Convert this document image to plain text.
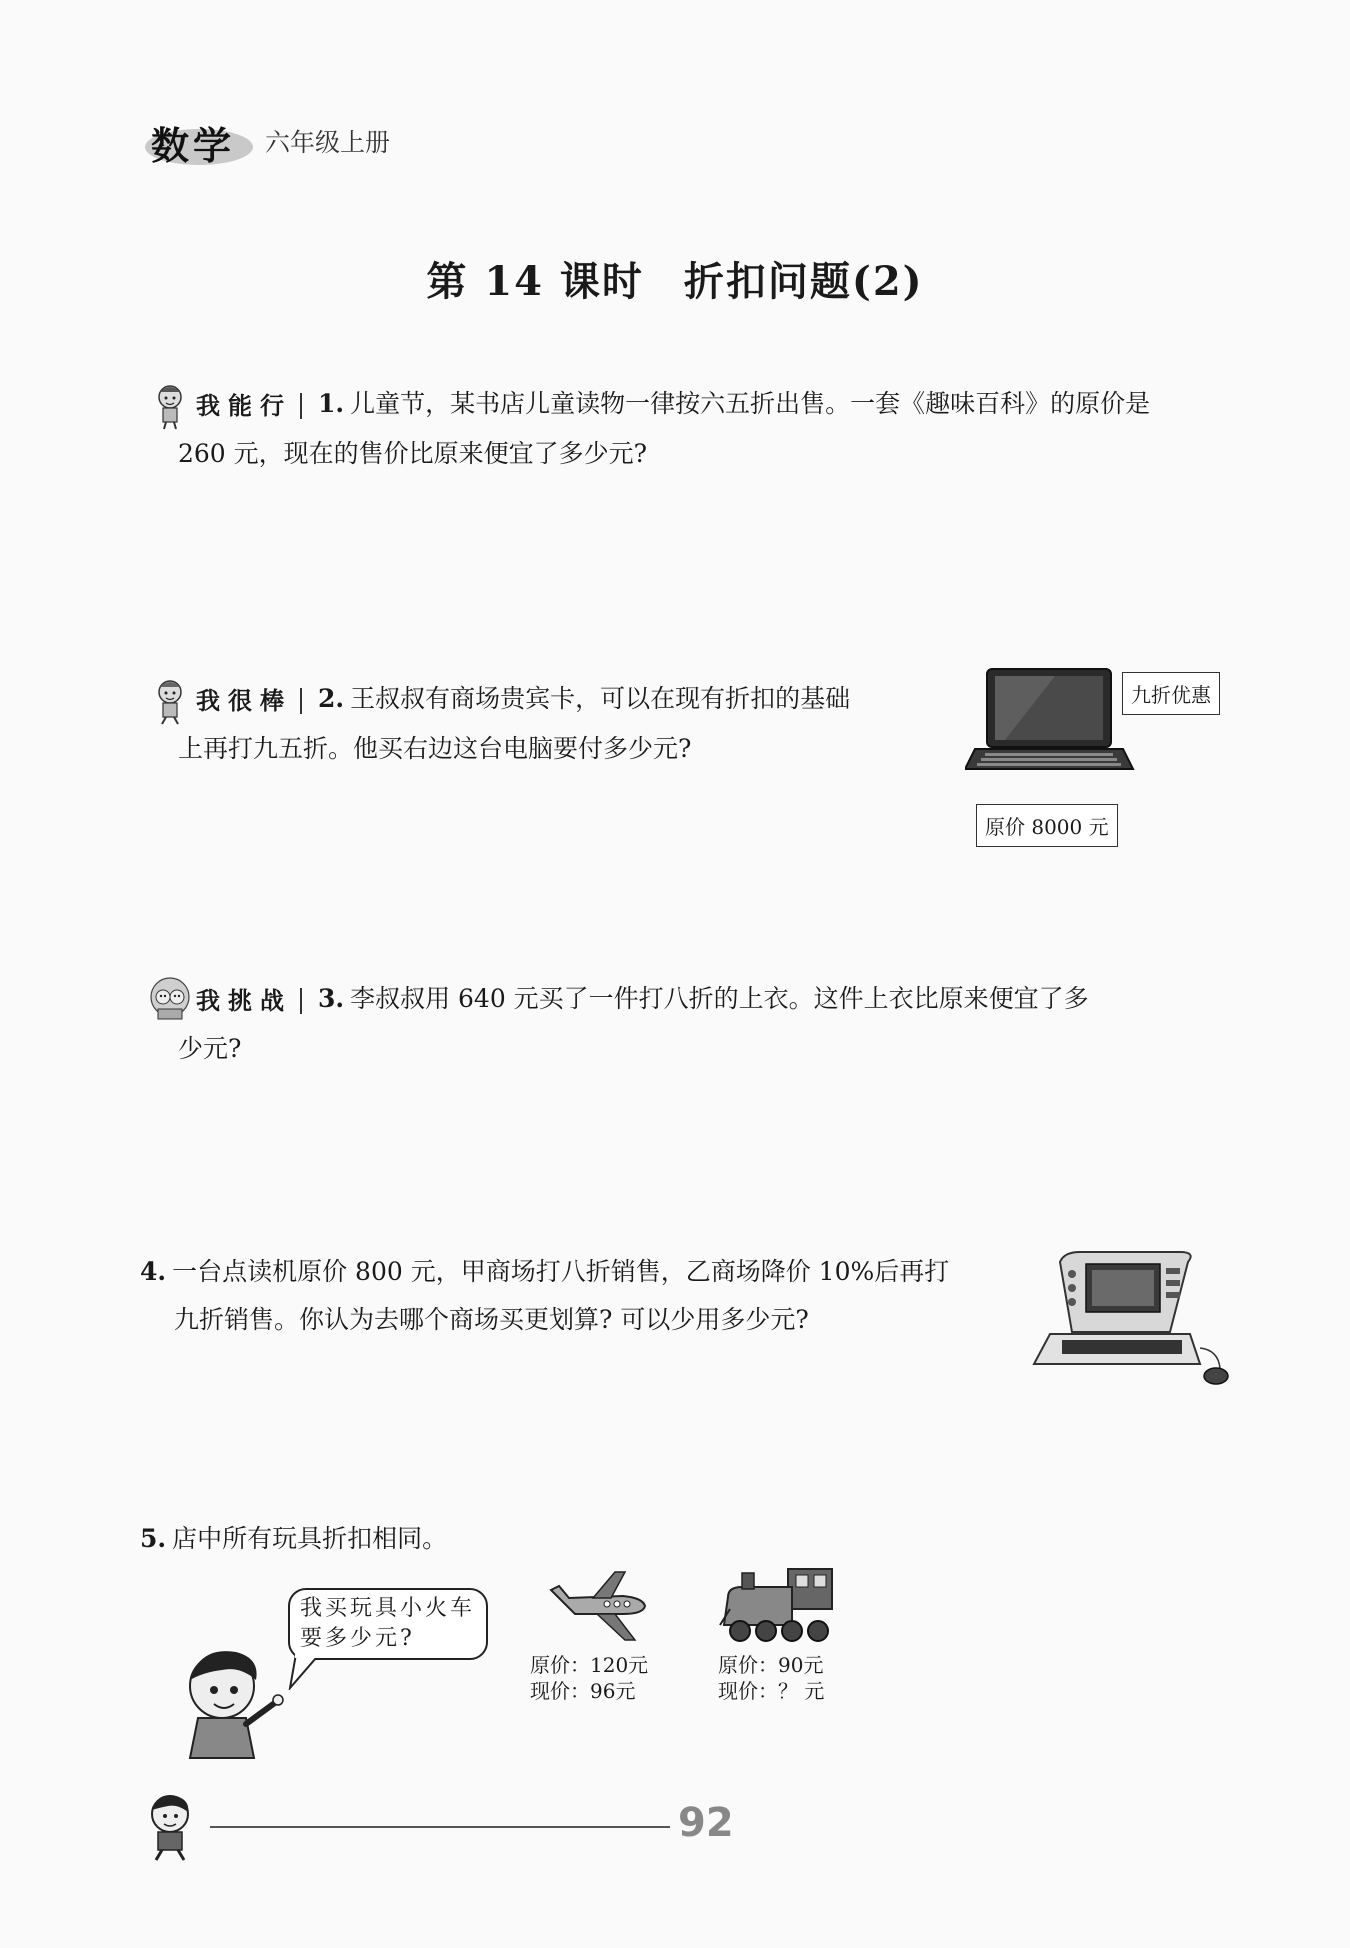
数学	六年级上册
第 14 课时 折扣问题(2)
我能行	1. 儿童节，某书店儿童读物一律按六五折出售。一套《趣味百科》的原价是
260 元，现在的售价比原来便宜了多少元?
我很棒	2. 王叔叔有商场贵宾卡，可以在现有折扣的基础
上再打九五折。他买右边这台电脑要付多少元?
九折优惠
原价 8000 元
我挑战	3. 李叔叔用 640 元买了一件打八折的上衣。这件上衣比原来便宜了多
少元?
4. 一台点读机原价 800 元，甲商场打八折销售，乙商场降价 10%后再打
九折销售。你认为去哪个商场买更划算? 可以少用多少元?
5. 店中所有玩具折扣相同。
我买玩具小火车
要多少元?
原价：120元
现价：96元
原价：90元
现价：？ 元
92
